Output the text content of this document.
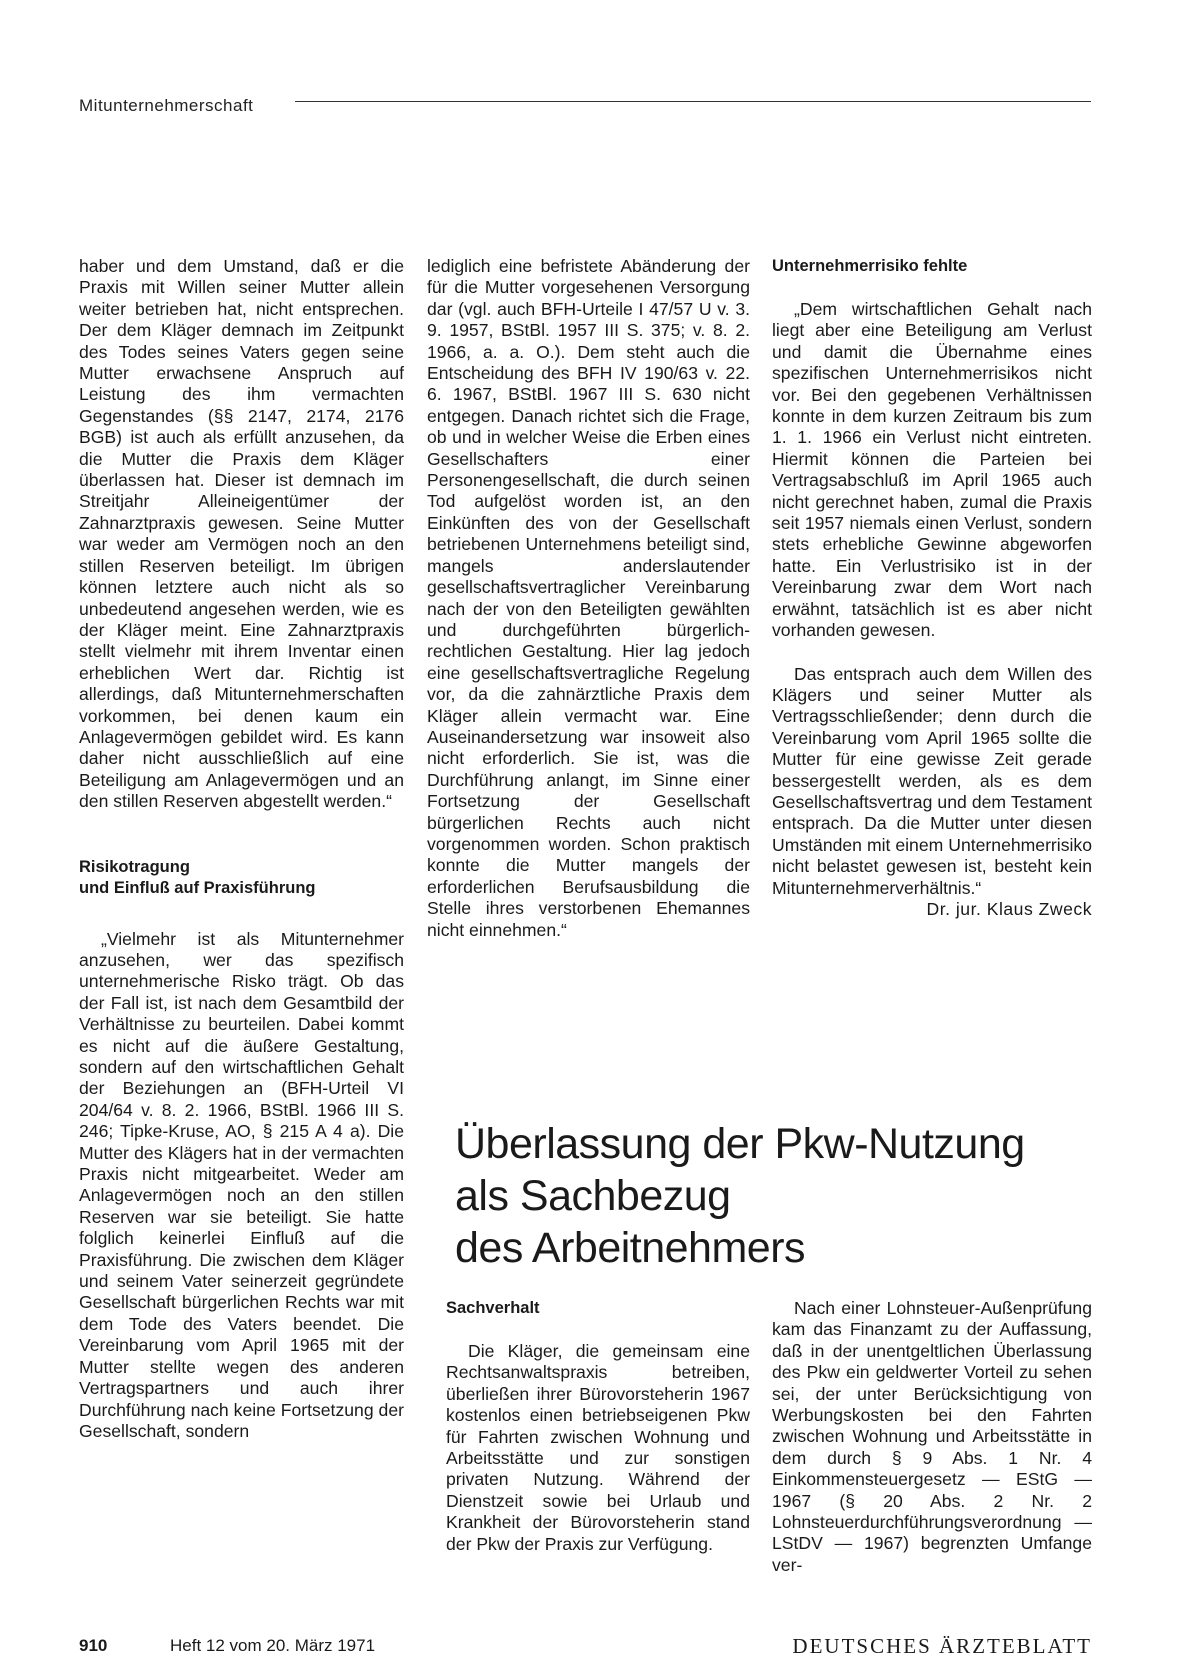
Mitunternehmerschaft

haber und dem Umstand, daß er die Praxis mit Willen seiner Mutter allein weiter betrieben hat, nicht entsprechen. Der dem Kläger demnach im Zeitpunkt des Todes seines Vaters gegen seine Mutter erwachsene Anspruch auf Leistung des ihm vermachten Gegenstandes (§§ 2147, 2174, 2176 BGB) ist auch als erfüllt anzusehen, da die Mutter die Praxis dem Kläger überlassen hat. Dieser ist demnach im Streitjahr Alleineigentümer der Zahnarztpraxis gewesen. Seine Mutter war weder am Vermögen noch an den stillen Reserven beteiligt. Im übrigen können letztere auch nicht als so unbedeutend angesehen werden, wie es der Kläger meint. Eine Zahnarztpraxis stellt vielmehr mit ihrem Inventar einen erheblichen Wert dar. Richtig ist allerdings, daß Mitunternehmerschaften vorkommen, bei denen kaum ein Anlagevermögen gebildet wird. Es kann daher nicht ausschließlich auf eine Beteiligung am Anlagevermögen und an den stillen Reserven abgestellt werden.“

Risikotragung
und Einfluß auf Praxisführung

„Vielmehr ist als Mitunternehmer anzusehen, wer das spezifisch unternehmerische Risko trägt. Ob das der Fall ist, ist nach dem Gesamtbild der Verhältnisse zu beurteilen. Dabei kommt es nicht auf die äußere Gestaltung, sondern auf den wirtschaftlichen Gehalt der Beziehungen an (BFH-Urteil VI 204/64 v. 8. 2. 1966, BStBl. 1966 III S. 246; Tipke-Kruse, AO, § 215 A 4 a). Die Mutter des Klägers hat in der vermachten Praxis nicht mitgearbeitet. Weder am Anlagevermögen noch an den stillen Reserven war sie beteiligt. Sie hatte folglich keinerlei Einfluß auf die Praxisführung. Die zwischen dem Kläger und seinem Vater seinerzeit gegründete Gesellschaft bürgerlichen Rechts war mit dem Tode des Vaters beendet. Die Vereinbarung vom April 1965 mit der Mutter stellte wegen des anderen Vertragspartners und auch ihrer Durchführung nach keine Fortsetzung der Gesellschaft, sondern

lediglich eine befristete Abänderung der für die Mutter vorgesehenen Versorgung dar (vgl. auch BFH-Urteile I 47/57 U v. 3. 9. 1957, BStBl. 1957 III S. 375; v. 8. 2. 1966, a. a. O.). Dem steht auch die Entscheidung des BFH IV 190/63 v. 22. 6. 1967, BStBl. 1967 III S. 630 nicht entgegen. Danach richtet sich die Frage, ob und in welcher Weise die Erben eines Gesellschafters einer Personengesellschaft, die durch seinen Tod aufgelöst worden ist, an den Einkünften des von der Gesellschaft betriebenen Unternehmens beteiligt sind, mangels anderslautender gesellschaftsvertraglicher Vereinbarung nach der von den Beteiligten gewählten und durchgeführten bürgerlich-rechtlichen Gestaltung. Hier lag jedoch eine gesellschaftsvertragliche Regelung vor, da die zahnärztliche Praxis dem Kläger allein vermacht war. Eine Auseinandersetzung war insoweit also nicht erforderlich. Sie ist, was die Durchführung anlangt, im Sinne einer Fortsetzung der Gesellschaft bürgerlichen Rechts auch nicht vorgenommen worden. Schon praktisch konnte die Mutter mangels der erforderlichen Berufsausbildung die Stelle ihres verstorbenen Ehemannes nicht einnehmen.“

Unternehmerrisiko fehlte

„Dem wirtschaftlichen Gehalt nach liegt aber eine Beteiligung am Verlust und damit die Übernahme eines spezifischen Unternehmerrisikos nicht vor. Bei den gegebenen Verhältnissen konnte in dem kurzen Zeitraum bis zum 1. 1. 1966 ein Verlust nicht eintreten. Hiermit können die Parteien bei Vertragsabschluß im April 1965 auch nicht gerechnet haben, zumal die Praxis seit 1957 niemals einen Verlust, sondern stets erhebliche Gewinne abgeworfen hatte. Ein Verlustrisiko ist in der Vereinbarung zwar dem Wort nach erwähnt, tatsächlich ist es aber nicht vorhanden gewesen.

Das entsprach auch dem Willen des Klägers und seiner Mutter als Vertragsschließender; denn durch die Vereinbarung vom April 1965 sollte die Mutter für eine gewisse Zeit gerade bessergestellt werden, als es dem Gesellschaftsvertrag und dem Testament entsprach. Da die Mutter unter diesen Umständen mit einem Unternehmerrisiko nicht belastet gewesen ist, besteht kein Mitunternehmerverhältnis.“

Dr. jur. Klaus Zweck

Überlassung der Pkw-Nutzung
als Sachbezug
des Arbeitnehmers
Sachverhalt

Die Kläger, die gemeinsam eine Rechtsanwaltspraxis betreiben, überließen ihrer Bürovorsteherin 1967 kostenlos einen betriebseigenen Pkw für Fahrten zwischen Wohnung und Arbeitsstätte und zur sonstigen privaten Nutzung. Während der Dienstzeit sowie bei Urlaub und Krankheit der Bürovorsteherin stand der Pkw der Praxis zur Verfügung.

Nach einer Lohnsteuer-Außenprüfung kam das Finanzamt zu der Auffassung, daß in der unentgeltlichen Überlassung des Pkw ein geldwerter Vorteil zu sehen sei, der unter Berücksichtigung von Werbungskosten bei den Fahrten zwischen Wohnung und Arbeitsstätte in dem durch § 9 Abs. 1 Nr. 4 Einkommensteuergesetz — EStG — 1967 (§ 20 Abs. 2 Nr. 2 Lohnsteuerdurchführungsverordnung — LStDV — 1967) begrenzten Umfange ver-

910	Heft 12 vom 20. März 1971	DEUTSCHES ÄRZTEBLATT
